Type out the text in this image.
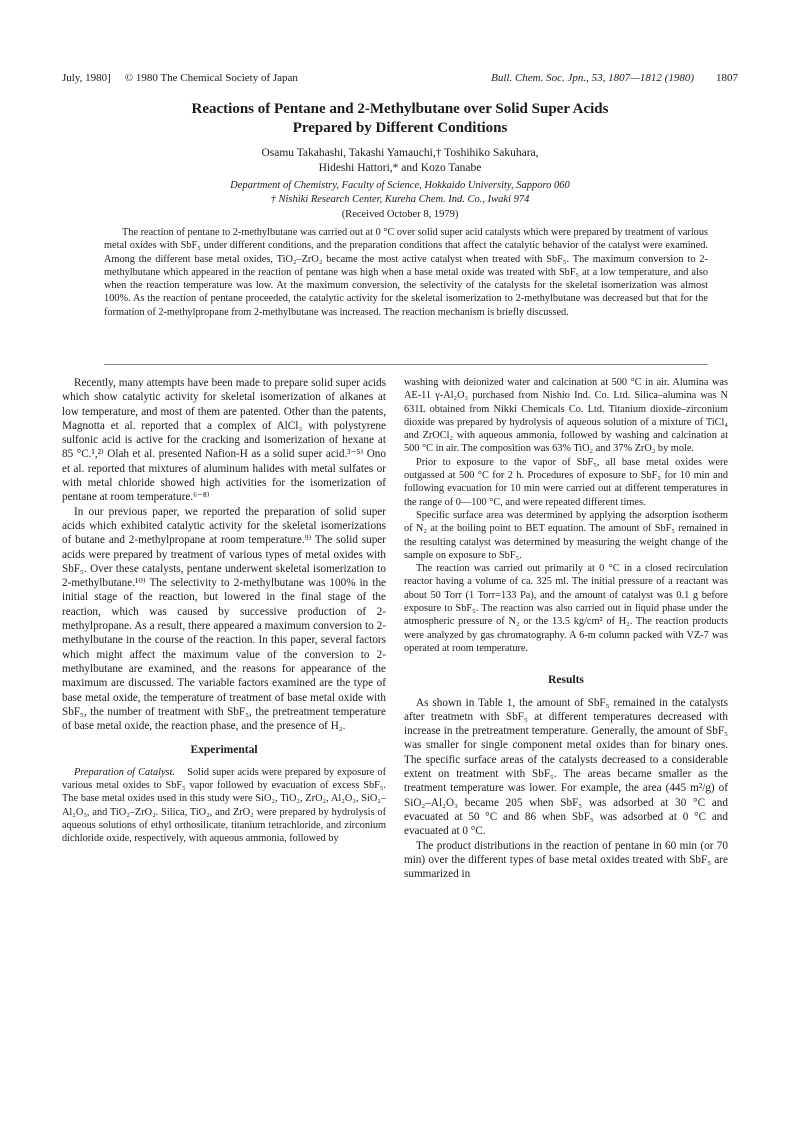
July, 1980] © 1980 The Chemical Society of Japan	Bull. Chem. Soc. Jpn., 53, 1807—1812 (1980) 1807
Reactions of Pentane and 2-Methylbutane over Solid Super Acids
Prepared by Different Conditions
Osamu Takahashi, Takashi Yamauchi,† Toshihiko Sakuhara,
Hideshi Hattori,* and Kozo Tanabe
Department of Chemistry, Faculty of Science, Hokkaido University, Sapporo 060
† Nishiki Research Center, Kureha Chem. Ind. Co., Iwaki 974
(Received October 8, 1979)
The reaction of pentane to 2-methylbutane was carried out at 0 °C over solid super acid catalysts which were prepared by treatment of various metal oxides with SbF₅ under different conditions, and the preparation conditions that affect the catalytic behavior of the catalyst were examined. Among the different base metal oxides, TiO₂–ZrO₂ became the most active catalyst when treated with SbF₅. The maximum conversion to 2-methylbutane which appeared in the reaction of pentane was high when a base metal oxide was treated with SbF₅ at a low temperature, and also when the reaction temperature was low. At the maximum conversion, the selectivity of the catalysts for the skeletal isomerization was almost 100%. As the reaction of pentane proceeded, the catalytic activity for the skeletal isomerization to 2-methylbutane was decreased but that for the formation of 2-methylpropane from 2-methylbutane was increased. The reaction mechanism is briefly discussed.

Recently, many attempts have been made to prepare solid super acids which show catalytic activity for skeletal isomerization of alkanes at low temperature, and most of them are patented. Other than the patents, Magnotta et al. reported that a complex of AlCl₃ with polystyrene sulfonic acid is active for the cracking and isomerization of hexane at 85 °C.¹,²⁾ Olah et al. presented Nafion-H as a solid super acid.³⁻⁵⁾ Ono et al. reported that mixtures of aluminum halides with metal sulfates or with metal chloride showed high activities for the isomerization of pentane at room temperature.⁶⁻⁸⁾

In our previous paper, we reported the preparation of solid super acids which exhibited catalytic activity for the skeletal isomerizations of butane and 2-methylpropane at room temperature.⁹⁾ The solid super acids were prepared by treatment of various types of metal oxides with SbF₅. Over these catalysts, pentane underwent skeletal isomerization to 2-methylbutane.¹⁰⁾ The selectivity to 2-methylbutane was 100% in the initial stage of the reaction, but lowered in the final stage of the reaction, which was caused by successive production of 2-methylpropane. As a result, there appeared a maximum conversion to 2-methylbutane in the course of the reaction. In this paper, several factors which might affect the maximum value of the conversion to 2-methylbutane are examined, and the reasons for appearance of the maximum are discussed. The variable factors examined are the type of base metal oxide, the temperature of treatment of base metal oxide with SbF₅, the number of treatment with SbF₅, the pretreatment temperature of base metal oxide, the reaction phase, and the presence of H₂.

Experimental

Preparation of Catalyst. Solid super acids were prepared by exposure of various metal oxides to SbF₅ vapor followed by evacuation of excess SbF₅. The base metal oxides used in this study were SiO₂, TiO₂, ZrO₂, Al₂O₃, SiO₂–Al₂O₃, and TiO₂–ZrO₂. Silica, TiO₂, and ZrO₂ were prepared by hydrolysis of aqueous solutions of ethyl orthosilicate, titanium tetrachloride, and zirconium dichloride oxide, respectively, with aqueous ammonia, followed by

washing with deionized water and calcination at 500 °C in air. Alumina was AE-11 γ-Al₂O₃ purchased from Nishio Ind. Co. Ltd. Silica–alumina was N 631L obtained from Nikki Chemicals Co. Ltd. Titanium dioxide–zirconium dioxide was prepared by hydrolysis of aqueous solution of a mixture of TiCl₄ and ZrOCl₂ with aqueous ammonia, followed by washing and calcination at 500 °C in air. The composition was 63% TiO₂ and 37% ZrO₂ by mole.

Prior to exposure to the vapor of SbF₅, all base metal oxides were outgassed at 500 °C for 2 h. Procedures of exposure to SbF₅ for 10 min and following evacuation for 10 min were carried out at different temperatures in the range of 0—100 °C, and were repeated different times.

Specific surface area was determined by applying the adsorption isotherm of N₂ at the boiling point to BET equation. The amount of SbF₅ remained in the resulting catalyst was determined by measuring the weight change of the sample on exposure to SbF₅.

The reaction was carried out primarily at 0 °C in a closed recirculation reactor having a volume of ca. 325 ml. The initial pressure of a reactant was about 50 Torr (1 Torr=133 Pa), and the amount of catalyst was 0.1 g before exposure to SbF₅. The reaction was also carried out in liquid phase under the atmospheric pressure of N₂ or the 13.5 kg/cm² of H₂. The reaction products were analyzed by gas chromatography. A 6-m column packed with VZ-7 was operated at room temperature.

Results

As shown in Table 1, the amount of SbF₅ remained in the catalysts after treatmetn with SbF₅ at different temperatures decreased with increase in the pretreatment temperature. Generally, the amount of SbF₅ was smaller for single component metal oxides than for binary ones. The specific surface areas of the catalysts decreased to a considerable extent on treatment with SbF₅. The areas became smaller as the treatment temperature was lower. For example, the area (445 m²/g) of SiO₂–Al₂O₃ became 205 when SbF₅ was adsorbed at 30 °C and evacuated at 50 °C and 86 when SbF₅ was adsorbed at 0 °C and evacuated at 0 °C.

The product distributions in the reaction of pentane in 60 min (or 70 min) over the different types of base metal oxides treated with SbF₅ are summarized in
